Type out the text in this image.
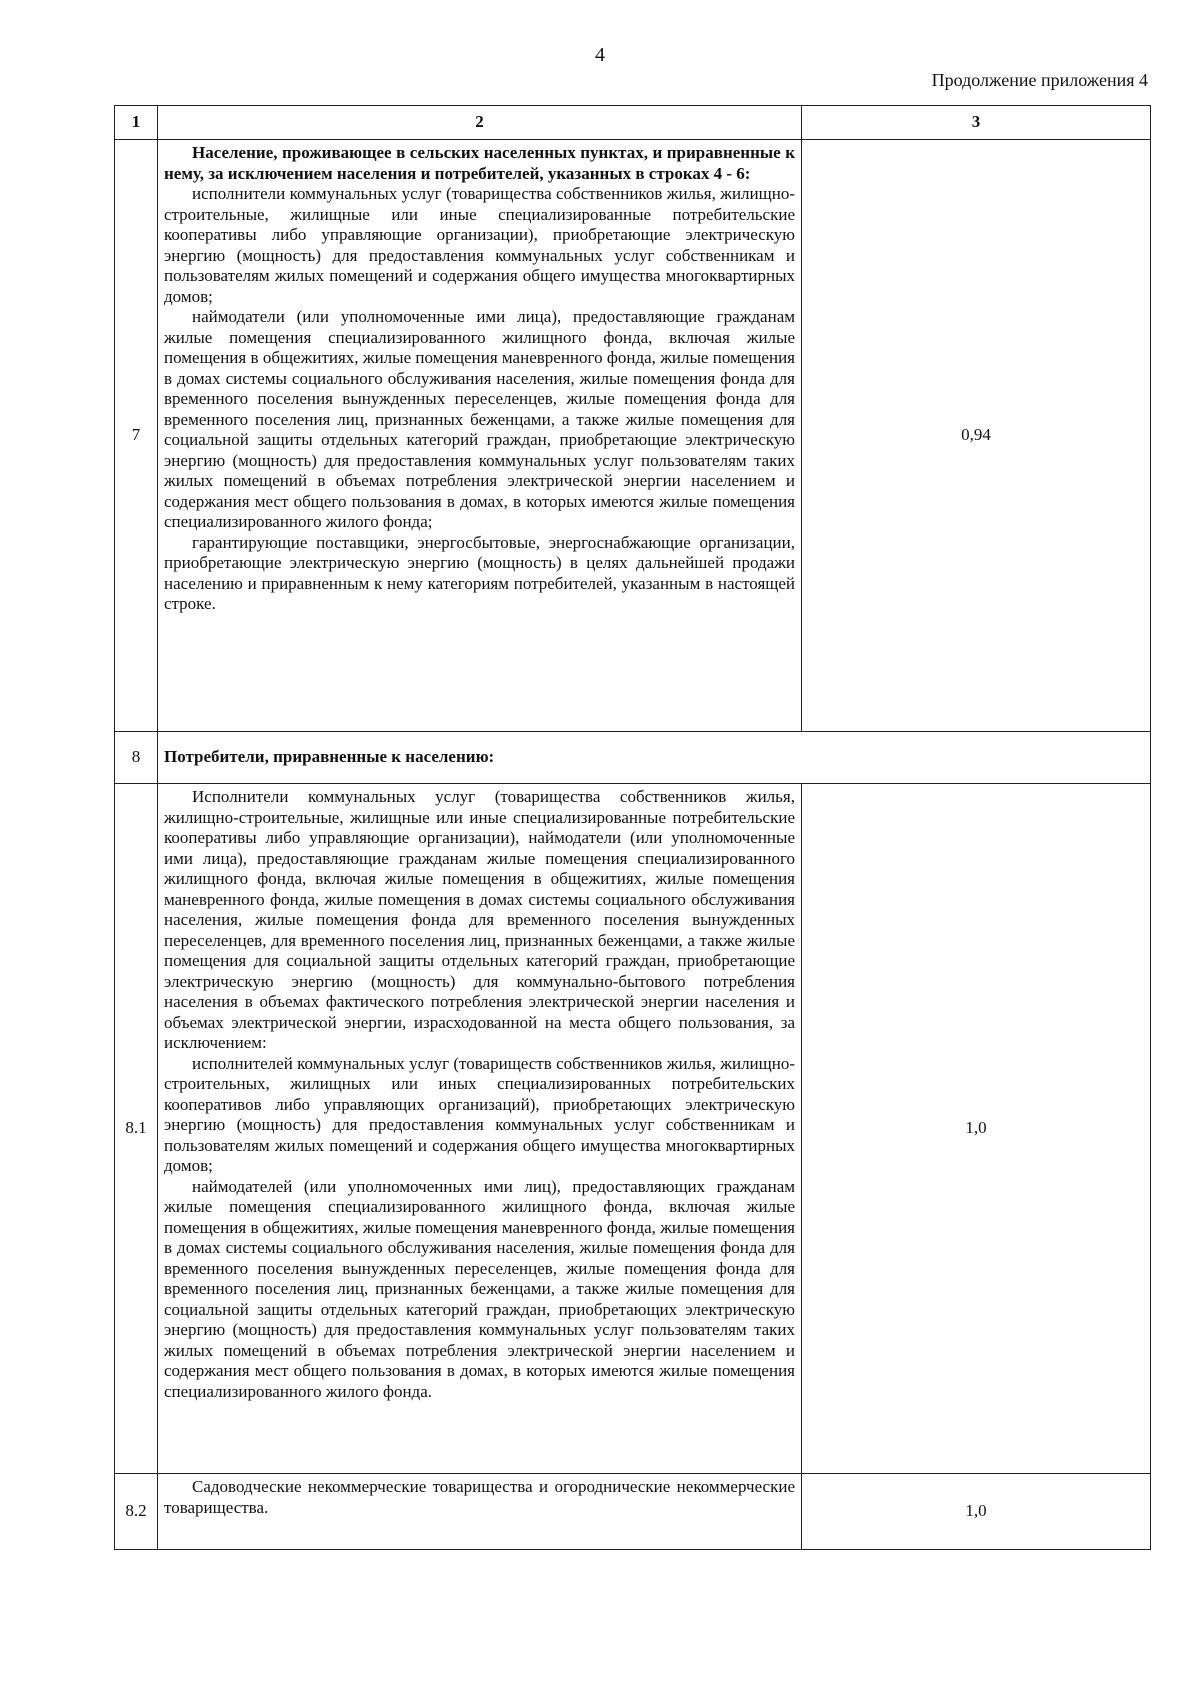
4
Продолжение приложения 4
1	2	3
7	Население, проживающее в сельских населенных пунктах, и приравненные к нему, за исключением населения и потребителей, указанных в строках 4 - 6:

исполнители коммунальных услуг (товарищества собственников жилья, жилищно-строительные, жилищные или иные специализированные потребительские кооперативы либо управляющие организации), приобретающие электрическую энергию (мощность) для предоставления коммунальных услуг собственникам и пользователям жилых помещений и содержания общего имущества многоквартирных домов;

наймодатели (или уполномоченные ими лица), предоставляющие гражданам жилые помещения специализированного жилищного фонда, включая жилые помещения в общежитиях, жилые помещения маневренного фонда, жилые помещения в домах системы социального обслуживания населения, жилые помещения фонда для временного поселения вынужденных переселенцев, жилые помещения фонда для временного поселения лиц, признанных беженцами, а также жилые помещения для социальной защиты отдельных категорий граждан, приобретающие электрическую энергию (мощность) для предоставления коммунальных услуг пользователям таких жилых помещений в объемах потребления электрической энергии населением и содержания мест общего пользования в домах, в которых имеются жилые помещения специализированного жилого фонда;

гарантирующие поставщики, энергосбытовые, энергоснабжающие организации, приобретающие электрическую энергию (мощность) в целях дальнейшей продажи населению и приравненным к нему категориям потребителей, указанным в настоящей строке.	0,94
8	Потребители, приравненные к населению:	
8.1	Исполнители коммунальных услуг (товарищества собственников жилья, жилищно-строительные, жилищные или иные специализированные потребительские кооперативы либо управляющие организации), наймодатели (или уполномоченные ими лица), предоставляющие гражданам жилые помещения специализированного жилищного фонда, включая жилые помещения в общежитиях, жилые помещения маневренного фонда, жилые помещения в домах системы социального обслуживания населения, жилые помещения фонда для временного поселения вынужденных переселенцев, для временного поселения лиц, признанных беженцами, а также жилые помещения для социальной защиты отдельных категорий граждан, приобретающие электрическую энергию (мощность) для коммунально-бытового потребления населения в объемах фактического потребления электрической энергии населения и объемах электрической энергии, израсходованной на места общего пользования, за исключением:

исполнителей коммунальных услуг (товариществ собственников жилья, жилищно-строительных, жилищных или иных специализированных потребительских кооперативов либо управляющих организаций), приобретающих электрическую энергию (мощность) для предоставления коммунальных услуг собственникам и пользователям жилых помещений и содержания общего имущества многоквартирных домов;

наймодателей (или уполномоченных ими лиц), предоставляющих гражданам жилые помещения специализированного жилищного фонда, включая жилые помещения в общежитиях, жилые помещения маневренного фонда, жилые помещения в домах системы социального обслуживания населения, жилые помещения фонда для временного поселения вынужденных переселенцев, жилые помещения фонда для временного поселения лиц, признанных беженцами, а также жилые помещения для социальной защиты отдельных категорий граждан, приобретающих электрическую энергию (мощность) для предоставления коммунальных услуг пользователям таких жилых помещений в объемах потребления электрической энергии населением и содержания мест общего пользования в домах, в которых имеются жилые помещения специализированного жилого фонда.	1,0
8.2	Садоводческие некоммерческие товарищества и огороднические некоммерческие товарищества.	1,0
